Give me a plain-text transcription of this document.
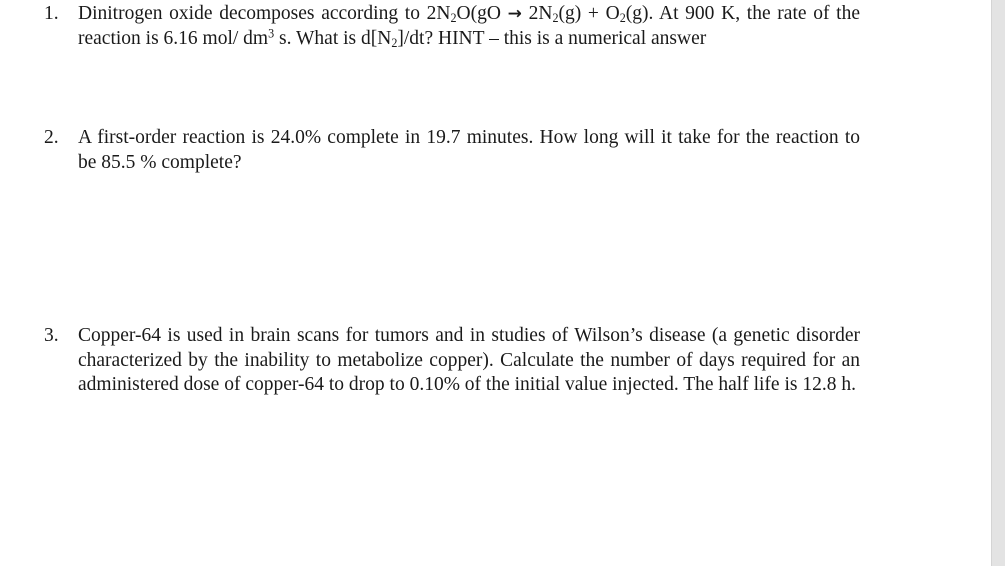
1. Dinitrogen oxide decomposes according to $2N_2O(gO \to 2N_2(g) + O_2(g)$. At 900 K, the rate of the reaction is 6.16 mol/ $dm^3$ s. What is $d[N_2]/dt$? HINT – this is a numerical answer
2. A first-order reaction is 24.0% complete in 19.7 minutes. How long will it take for the reaction to be 85.5 % complete?
3. Copper-64 is used in brain scans for tumors and in studies of Wilson’s disease (a genetic disorder characterized by the inability to metabolize copper). Calculate the number of days required for an administered dose of copper-64 to drop to 0.10% of the initial value injected. The half life is 12.8 h.
